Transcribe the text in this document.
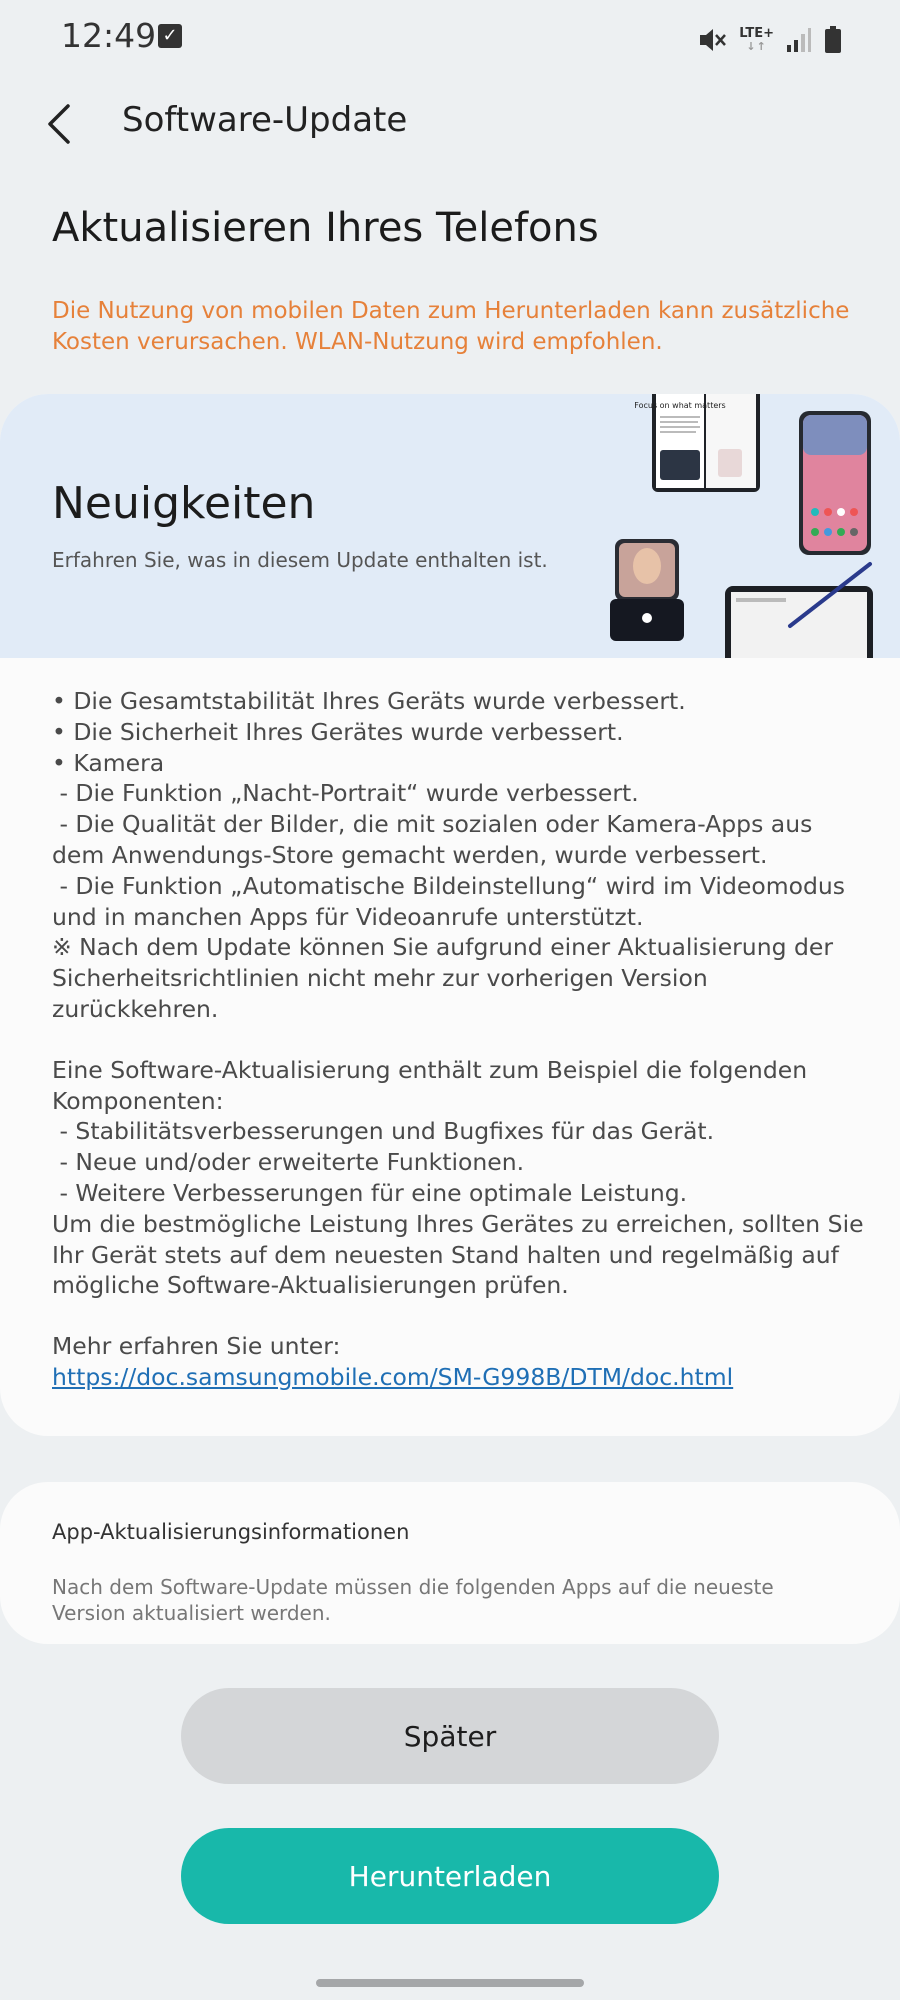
12:49 ✓	LTE+
↓↑
Software-Update
Aktualisieren Ihres Telefons
Die Nutzung von mobilen Daten zum Herunterladen kann zusätzliche Kosten verursachen. WLAN-Nutzung wird empfohlen.
Neuigkeiten
Erfahren Sie, was in diesem Update enthalten ist.
Focus on what matters

• Die Gesamtstabilität Ihres Geräts wurde verbessert.

• Die Sicherheit Ihres Gerätes wurde verbessert.

• Kamera

- Die Funktion „Nacht-Portrait“ wurde verbessert.

- Die Qualität der Bilder, die mit sozialen oder Kamera-Apps aus dem Anwendungs-Store gemacht werden, wurde verbessert.

- Die Funktion „Automatische Bildeinstellung“ wird im Videomodus und in manchen Apps für Videoanrufe unterstützt.

※ Nach dem Update können Sie aufgrund einer Aktualisierung der Sicherheitsrichtlinien nicht mehr zur vorherigen Version zurückkehren.

Eine Software-Aktualisierung enthält zum Beispiel die folgenden Komponenten:

- Stabilitätsverbesserungen und Bugfixes für das Gerät.

- Neue und/oder erweiterte Funktionen.

- Weitere Verbesserungen für eine optimale Leistung.

Um die bestmögliche Leistung Ihres Gerätes zu erreichen, sollten Sie Ihr Gerät stets auf dem neuesten Stand halten und regelmäßig auf mögliche Software-Aktualisierungen prüfen.

Mehr erfahren Sie unter:

https://doc.samsungmobile.com/SM-G998B/DTM/doc.html

App-Aktualisierungsinformationen
Nach dem Software-Update müssen die folgenden Apps auf die neueste Version aktualisiert werden.
Später
Herunterladen
